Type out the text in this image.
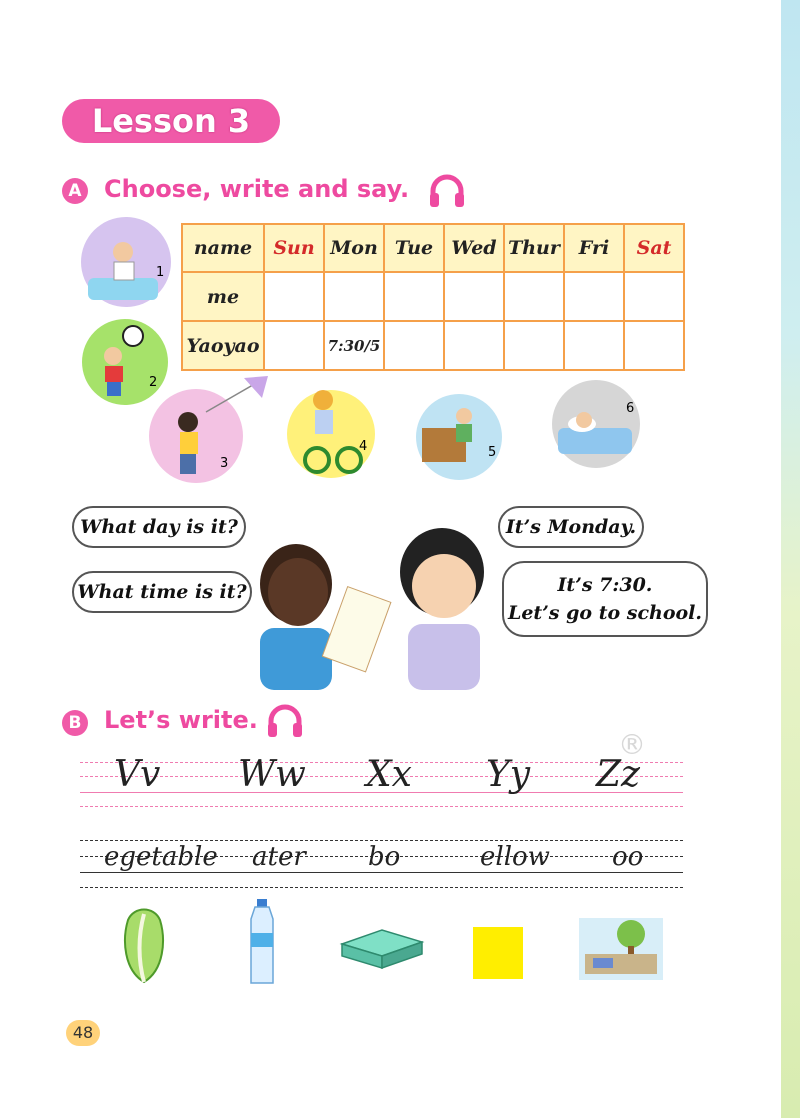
Lesson 3
A Choose, write and say.
1
2
3
4	5
6
name	Sun	Mon	Tue	Wed	Thur	Fri	Sat
me							
Yaoyao		7:30/5					
What day is it?
What time is it?
It’s Monday.
It’s 7:30.
Let’s go to school.
B Let’s write.
®
Vv Ww Xx Yy Zz
egetable ater bo	ellow oo
48
